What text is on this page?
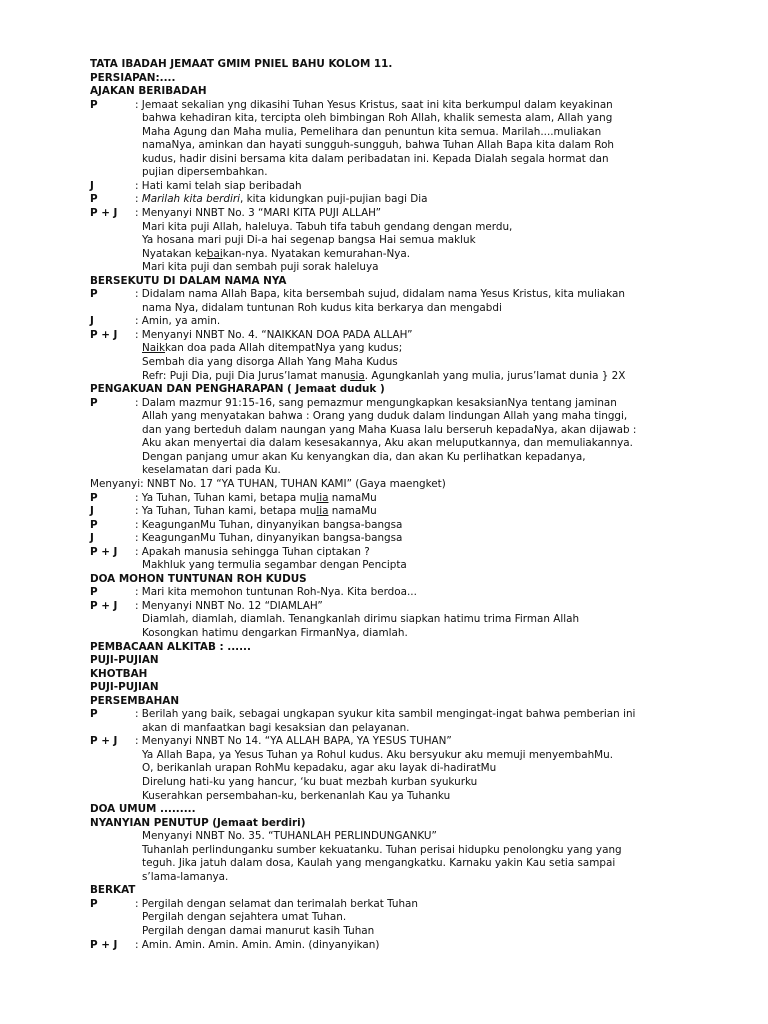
TATA IBADAH JEMAAT GMIM PNIEL BAHU KOLOM 11.
PERSIAPAN:....
AJAKAN BERIBADAH
P	: Jemaat sekalian yng dikasihi Tuhan Yesus Kristus, saat ini kita berkumpul dalam keyakinan
bahwa kehadiran kita, tercipta oleh bimbingan Roh Allah, khalik semesta alam, Allah yang
Maha Agung dan Maha mulia, Pemelihara dan penuntun kita semua. Marilah....muliakan
namaNya, aminkan dan hayati sungguh-sungguh, bahwa Tuhan Allah Bapa kita dalam Roh
kudus, hadir disini bersama kita dalam peribadatan ini. Kepada Dialah segala hormat dan
pujian dipersembahkan.
J	: Hati kami telah siap beribadah
P	: Marilah kita berdiri, kita kidungkan puji-pujian bagi Dia
P + J : Menyanyi NNBT No. 3 “MARI KITA PUJI ALLAH”
Mari kita puji Allah, haleluya. Tabuh tifa tabuh gendang dengan merdu,
Ya hosana mari puji Di-a hai segenap bangsa Hai semua makluk
Nyatakan kebaikan-nya. Nyatakan kemurahan-Nya.
Mari kita puji dan sembah puji sorak haleluya
BERSEKUTU DI DALAM NAMA NYA
P	: Didalam nama Allah Bapa, kita bersembah sujud, didalam nama Yesus Kristus, kita muliakan
nama Nya, didalam tuntunan Roh kudus kita berkarya dan mengabdi
J	: Amin, ya amin.
P + J : Menyanyi NNBT No. 4. “NAIKKAN DOA PADA ALLAH”
Naikkan doa pada Allah ditempatNya yang kudus;
Sembah dia yang disorga Allah Yang Maha Kudus
Refr: Puji Dia, puji Dia Jurus’lamat manusia. Agungkanlah yang mulia, jurus’lamat dunia } 2X
PENGAKUAN DAN PENGHARAPAN ( Jemaat duduk )
P	: Dalam mazmur 91:15-16, sang pemazmur mengungkapkan kesaksianNya tentang jaminan
Allah yang menyatakan bahwa : Orang yang duduk dalam lindungan Allah yang maha tinggi,
dan yang berteduh dalam naungan yang Maha Kuasa lalu berseruh kepadaNya, akan dijawab :
Aku akan menyertai dia dalam kesesakannya, Aku akan meluputkannya, dan memuliakannya.
Dengan panjang umur akan Ku kenyangkan dia, dan akan Ku perlihatkan kepadanya,
keselamatan dari pada Ku.
Menyanyi: NNBT No. 17 “YA TUHAN, TUHAN KAMI” (Gaya maengket)
P	: Ya Tuhan, Tuhan kami, betapa mulia namaMu
J	: Ya Tuhan, Tuhan kami, betapa mulia namaMu
P	: KeagunganMu Tuhan, dinyanyikan bangsa-bangsa
J	: KeagunganMu Tuhan, dinyanyikan bangsa-bangsa
P + J : Apakah manusia sehingga Tuhan ciptakan ?
Makhluk yang termulia segambar dengan Pencipta
DOA MOHON TUNTUNAN ROH KUDUS
P	: Mari kita memohon tuntunan Roh-Nya. Kita berdoa...
P + J : Menyanyi NNBT No. 12 “DIAMLAH”
Diamlah, diamlah, diamlah. Tenangkanlah dirimu siapkan hatimu trima Firman Allah
Kosongkan hatimu dengarkan FirmanNya, diamlah.
PEMBACAAN ALKITAB : ......
PUJI-PUJIAN
KHOTBAH
PUJI-PUJIAN
PERSEMBAHAN
P	: Berilah yang baik, sebagai ungkapan syukur kita sambil mengingat-ingat bahwa pemberian ini
akan di manfaatkan bagi kesaksian dan pelayanan.
P + J : Menyanyi NNBT No 14. “YA ALLAH BAPA, YA YESUS TUHAN”
Ya Allah Bapa, ya Yesus Tuhan ya Rohul kudus. Aku bersyukur aku memuji menyembahMu.
O, berikanlah urapan RohMu kepadaku, agar aku layak di-hadiratMu
Direlung hati-ku yang hancur, ‘ku buat mezbah kurban syukurku
Kuserahkan persembahan-ku, berkenanlah Kau ya Tuhanku
DOA UMUM .........
NYANYIAN PENUTUP (Jemaat berdiri)
Menyanyi NNBT No. 35. “TUHANLAH PERLINDUNGANKU”
Tuhanlah perlindunganku sumber kekuatanku. Tuhan perisai hidupku penolongku yang yang
teguh. Jika jatuh dalam dosa, Kaulah yang mengangkatku. Karnaku yakin Kau setia sampai
s’lama-lamanya.
BERKAT
P	: Pergilah dengan selamat dan terimalah berkat Tuhan
Pergilah dengan sejahtera umat Tuhan.
Pergilah dengan damai manurut kasih Tuhan
P + J : Amin. Amin. Amin. Amin. Amin. (dinyanyikan)
